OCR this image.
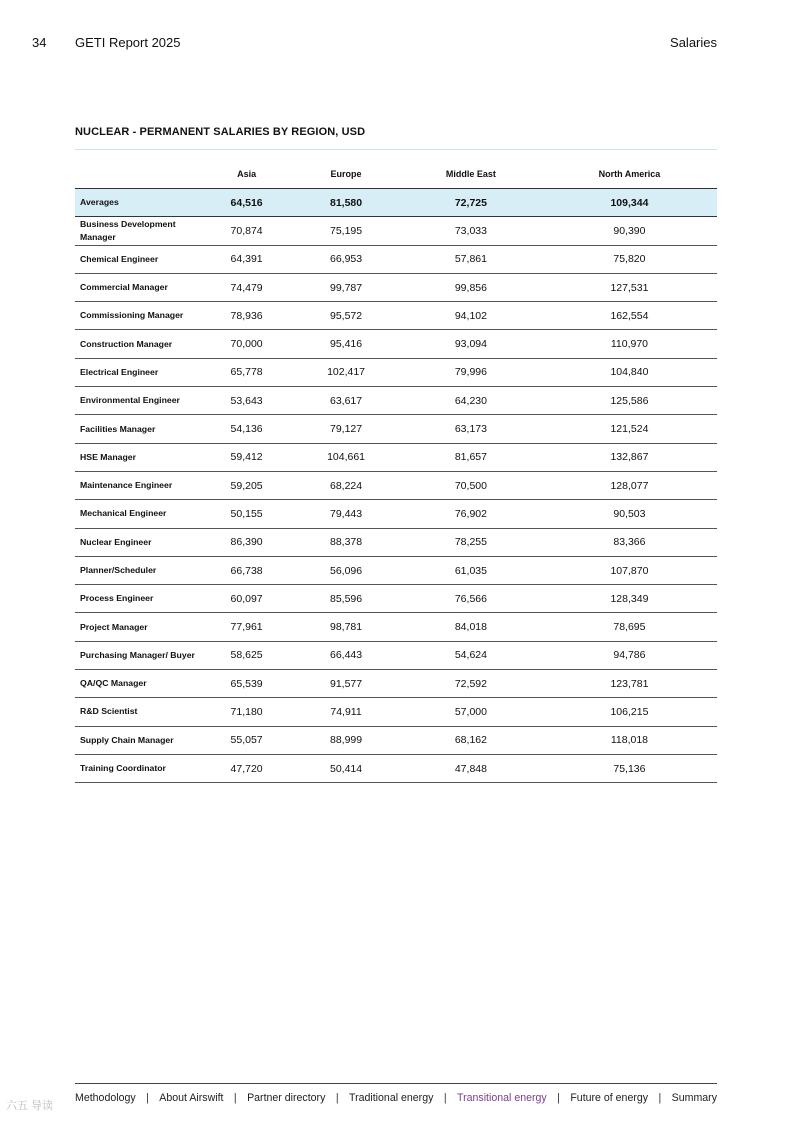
34 GETI Report 2025	Salaries
NUCLEAR - PERMANENT SALARIES BY REGION, USD
	Asia	Europe	Middle East	North America
Averages	64,516	81,580	72,725	109,344
Business Development Manager	70,874	75,195	73,033	90,390
Chemical Engineer	64,391	66,953	57,861	75,820
Commercial Manager	74,479	99,787	99,856	127,531
Commissioning Manager	78,936	95,572	94,102	162,554
Construction Manager	70,000	95,416	93,094	110,970
Electrical Engineer	65,778	102,417	79,996	104,840
Environmental Engineer	53,643	63,617	64,230	125,586
Facilities Manager	54,136	79,127	63,173	121,524
HSE Manager	59,412	104,661	81,657	132,867
Maintenance Engineer	59,205	68,224	70,500	128,077
Mechanical Engineer	50,155	79,443	76,902	90,503
Nuclear Engineer	86,390	88,378	78,255	83,366
Planner/Scheduler	66,738	56,096	61,035	107,870
Process Engineer	60,097	85,596	76,566	128,349
Project Manager	77,961	98,781	84,018	78,695
Purchasing Manager/ Buyer	58,625	66,443	54,624	94,786
QA/QC Manager	65,539	91,577	72,592	123,781
R&D Scientist	71,180	74,911	57,000	106,215
Supply Chain Manager	55,057	88,999	68,162	118,018
Training Coordinator	47,720	50,414	47,848	75,136
Methodology | About Airswift | Partner directory | Traditional energy | Transitional energy | Future of energy | Summary
六五 导读
